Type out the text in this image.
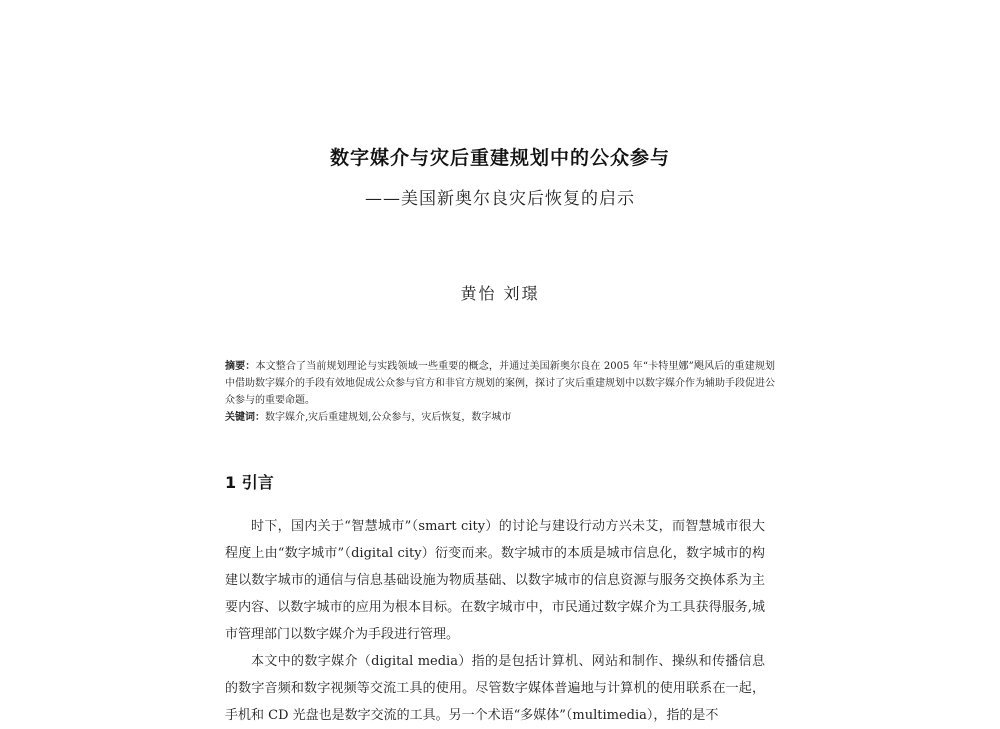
数字媒介与灾后重建规划中的公众参与
——美国新奥尔良灾后恢复的启示
黄怡 刘璟
摘要：本文整合了当前规划理论与实践领域一些重要的概念，并通过美国新奥尔良在 2005 年“卡特里娜”飓风后的重建规划中借助数字媒介的手段有效地促成公众参与官方和非官方规划的案例，探讨了灾后重建规划中以数字媒介作为辅助手段促进公众参与的重要命题。
关键词：数字媒介,灾后重建规划,公众参与，灾后恢复，数字城市
1 引言

时下，国内关于“智慧城市”（smart city）的讨论与建设行动方兴未艾，而智慧城市很大程度上由“数字城市”（digital city）衍变而来。数字城市的本质是城市信息化，数字城市的构建以数字城市的通信与信息基础设施为物质基础、以数字城市的信息资源与服务交换体系为主要内容、以数字城市的应用为根本目标。在数字城市中，市民通过数字媒介为工具获得服务,城市管理部门以数字媒介为手段进行管理。

本文中的数字媒介（digital media）指的是包括计算机、网站和制作、操纵和传播信息的数字音频和数字视频等交流工具的使用。尽管数字媒体普遍地与计算机的使用联系在一起，手机和 CD 光盘也是数字交流的工具。另一个术语“多媒体”（multimedia），指的是不
